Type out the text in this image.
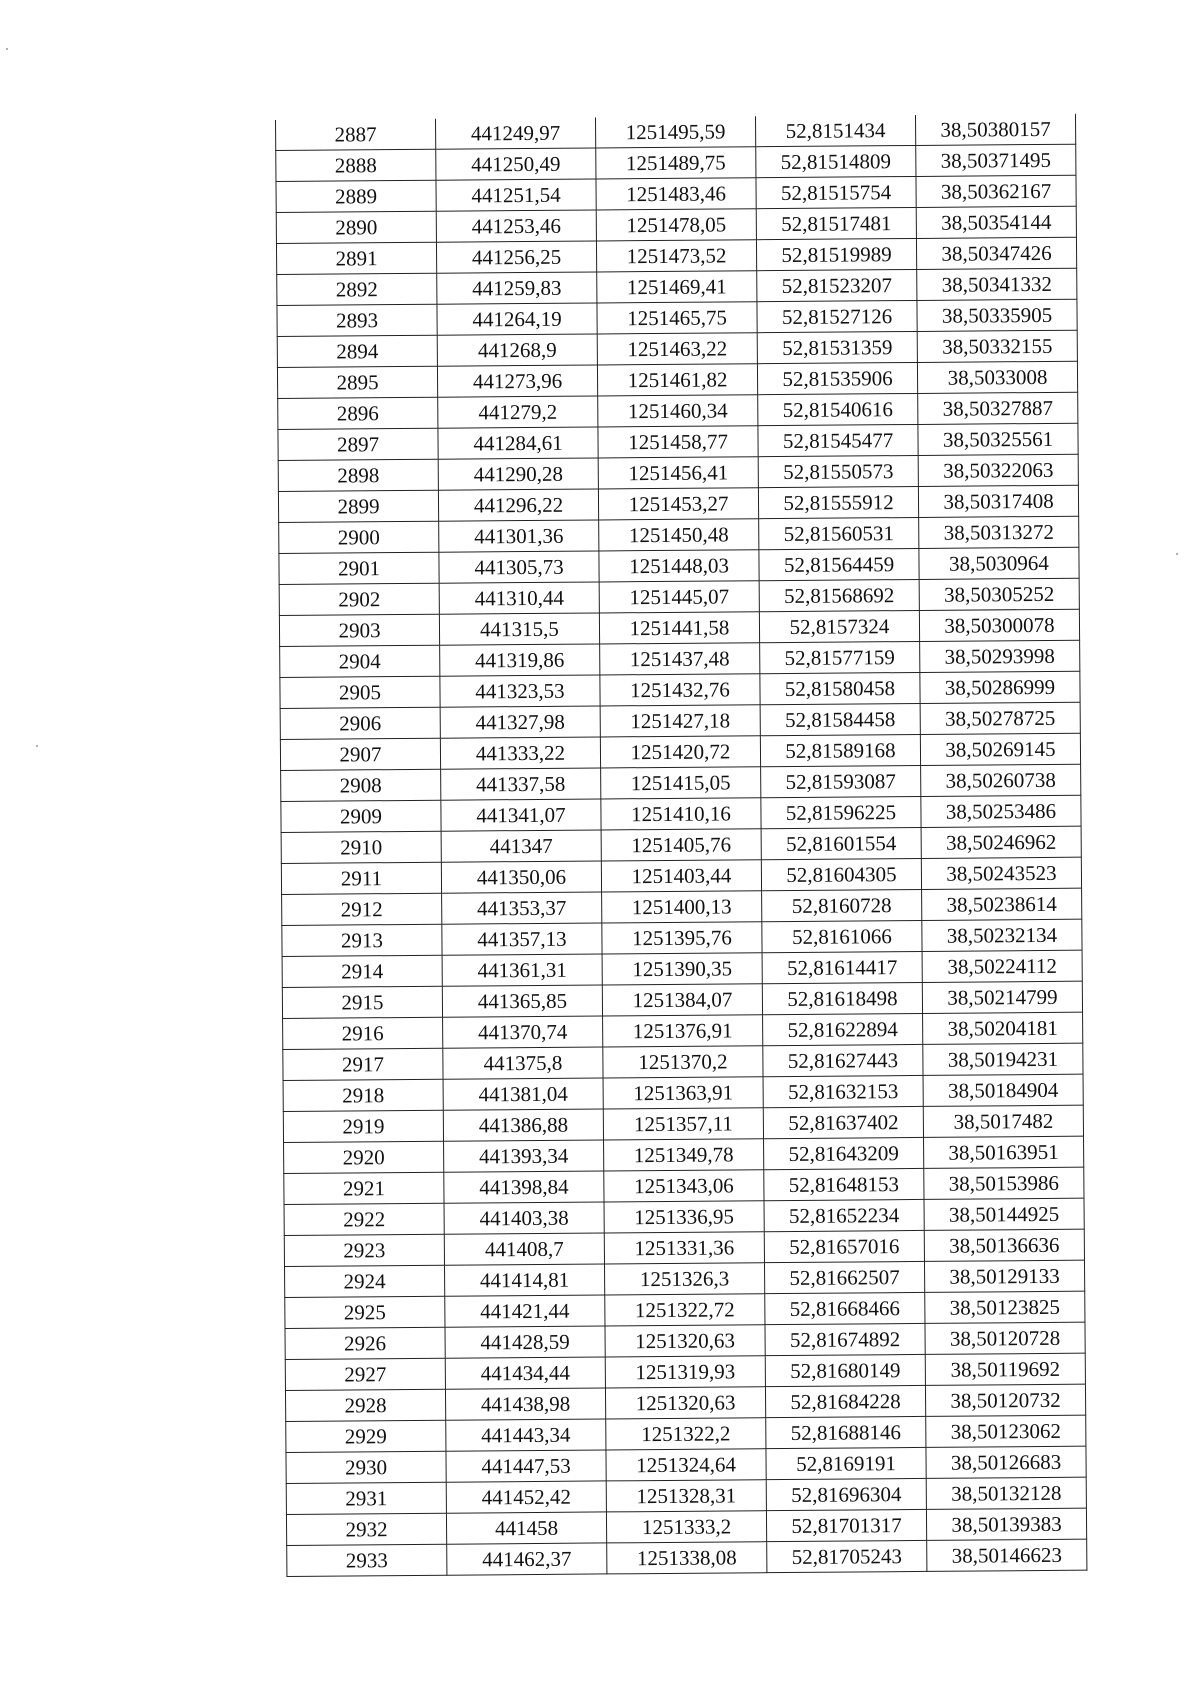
2887	441249,97	1251495,59	52,8151434	38,50380157
2888	441250,49	1251489,75	52,81514809	38,50371495
2889	441251,54	1251483,46	52,81515754	38,50362167
2890	441253,46	1251478,05	52,81517481	38,50354144
2891	441256,25	1251473,52	52,81519989	38,50347426
2892	441259,83	1251469,41	52,81523207	38,50341332
2893	441264,19	1251465,75	52,81527126	38,50335905
2894	441268,9	1251463,22	52,81531359	38,50332155
2895	441273,96	1251461,82	52,81535906	38,5033008
2896	441279,2	1251460,34	52,81540616	38,50327887
2897	441284,61	1251458,77	52,81545477	38,50325561
2898	441290,28	1251456,41	52,81550573	38,50322063
2899	441296,22	1251453,27	52,81555912	38,50317408
2900	441301,36	1251450,48	52,81560531	38,50313272
2901	441305,73	1251448,03	52,81564459	38,5030964
2902	441310,44	1251445,07	52,81568692	38,50305252
2903	441315,5	1251441,58	52,8157324	38,50300078
2904	441319,86	1251437,48	52,81577159	38,50293998
2905	441323,53	1251432,76	52,81580458	38,50286999
2906	441327,98	1251427,18	52,81584458	38,50278725
2907	441333,22	1251420,72	52,81589168	38,50269145
2908	441337,58	1251415,05	52,81593087	38,50260738
2909	441341,07	1251410,16	52,81596225	38,50253486
2910	441347	1251405,76	52,81601554	38,50246962
2911	441350,06	1251403,44	52,81604305	38,50243523
2912	441353,37	1251400,13	52,8160728	38,50238614
2913	441357,13	1251395,76	52,8161066	38,50232134
2914	441361,31	1251390,35	52,81614417	38,50224112
2915	441365,85	1251384,07	52,81618498	38,50214799
2916	441370,74	1251376,91	52,81622894	38,50204181
2917	441375,8	1251370,2	52,81627443	38,50194231
2918	441381,04	1251363,91	52,81632153	38,50184904
2919	441386,88	1251357,11	52,81637402	38,5017482
2920	441393,34	1251349,78	52,81643209	38,50163951
2921	441398,84	1251343,06	52,81648153	38,50153986
2922	441403,38	1251336,95	52,81652234	38,50144925
2923	441408,7	1251331,36	52,81657016	38,50136636
2924	441414,81	1251326,3	52,81662507	38,50129133
2925	441421,44	1251322,72	52,81668466	38,50123825
2926	441428,59	1251320,63	52,81674892	38,50120728
2927	441434,44	1251319,93	52,81680149	38,50119692
2928	441438,98	1251320,63	52,81684228	38,50120732
2929	441443,34	1251322,2	52,81688146	38,50123062
2930	441447,53	1251324,64	52,8169191	38,50126683
2931	441452,42	1251328,31	52,81696304	38,50132128
2932	441458	1251333,2	52,81701317	38,50139383
2933	441462,37	1251338,08	52,81705243	38,50146623
